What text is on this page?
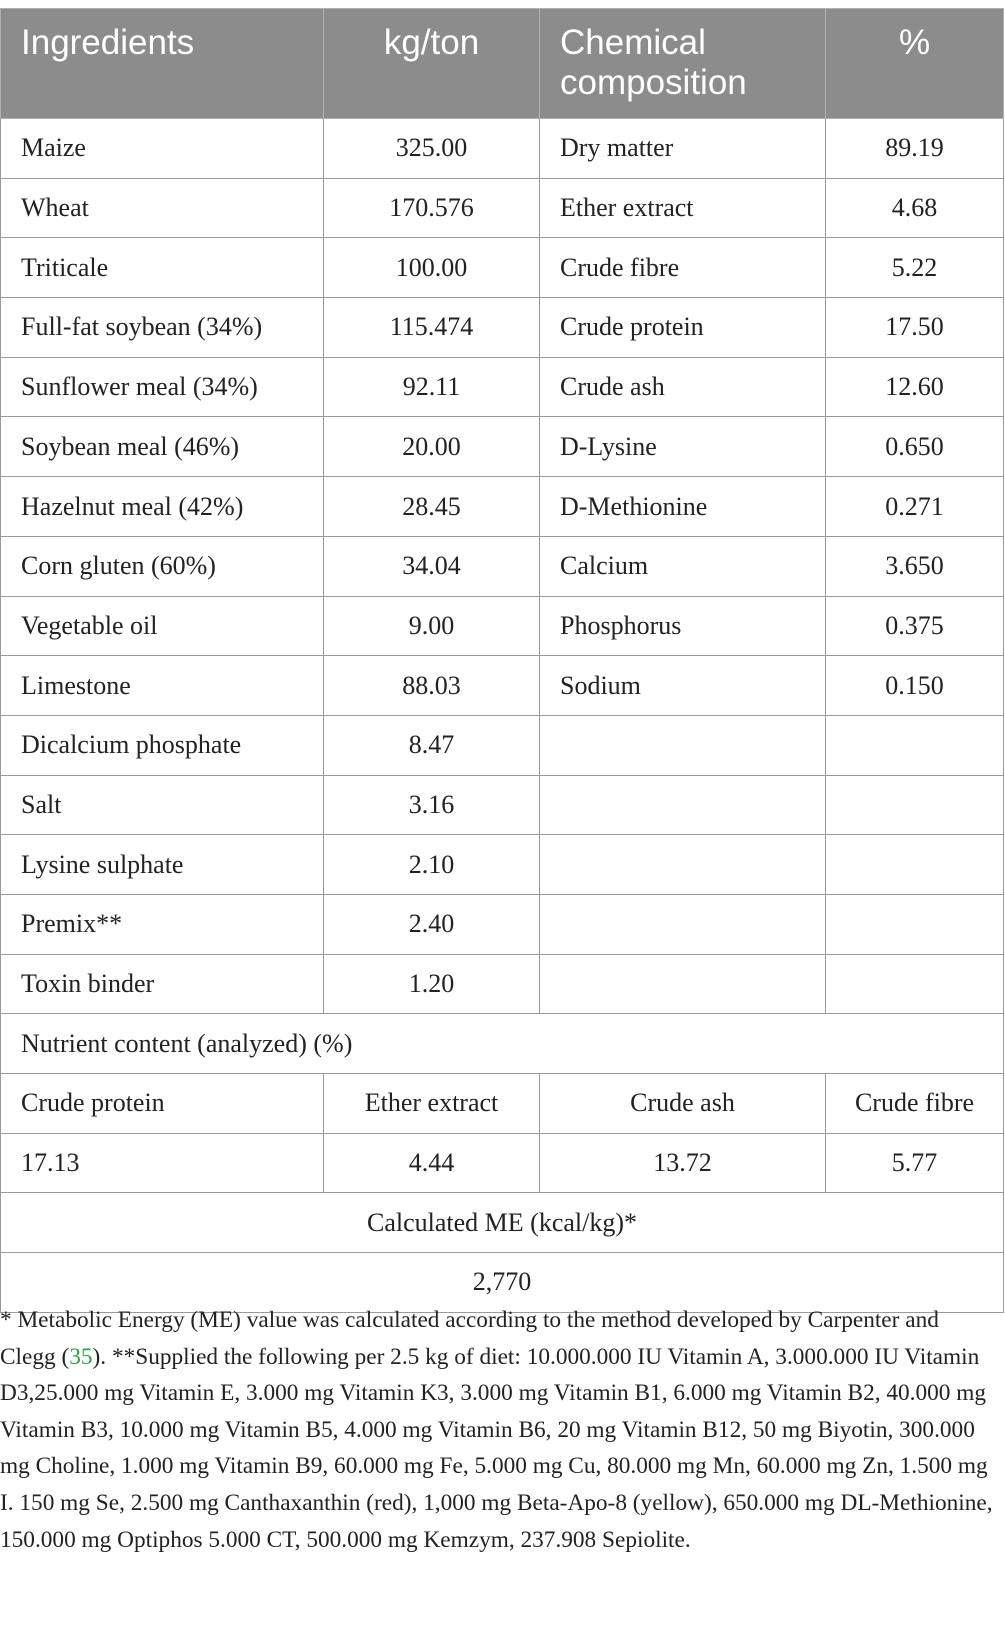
Ingredients	kg/ton	Chemical composition	%
Maize	325.00	Dry matter	89.19
Wheat	170.576	Ether extract	4.68
Triticale	100.00	Crude fibre	5.22
Full-fat soybean (34%)	115.474	Crude protein	17.50
Sunflower meal (34%)	92.11	Crude ash	12.60
Soybean meal (46%)	20.00	D-Lysine	0.650
Hazelnut meal (42%)	28.45	D-Methionine	0.271
Corn gluten (60%)	34.04	Calcium	3.650
Vegetable oil	9.00	Phosphorus	0.375
Limestone	88.03	Sodium	0.150
Dicalcium phosphate	8.47		
Salt	3.16		
Lysine sulphate	2.10		
Premix**	2.40		
Toxin binder	1.20		
Nutrient content (analyzed) (%)			
Crude protein	Ether extract	Crude ash	Crude fibre
17.13	4.44	13.72	5.77
Calculated ME (kcal/kg)*			
2,770			
* Metabolic Energy (ME) value was calculated according to the method developed by Carpenter and Clegg (35). **Supplied the following per 2.5 kg of diet: 10.000.000 IU Vitamin A, 3.000.000 IU Vitamin D3,25.000 mg Vitamin E, 3.000 mg Vitamin K3, 3.000 mg Vitamin B1, 6.000 mg Vitamin B2, 40.000 mg Vitamin B3, 10.000 mg Vitamin B5, 4.000 mg Vitamin B6, 20 mg Vitamin B12, 50 mg Biyotin, 300.000 mg Choline, 1.000 mg Vitamin B9, 60.000 mg Fe, 5.000 mg Cu, 80.000 mg Mn, 60.000 mg Zn, 1.500 mg I. 150 mg Se, 2.500 mg Canthaxanthin (red), 1,000 mg Beta-Apo-8 (yellow), 650.000 mg DL-Methionine, 150.000 mg Optiphos 5.000 CT, 500.000 mg Kemzym, 237.908 Sepiolite.
